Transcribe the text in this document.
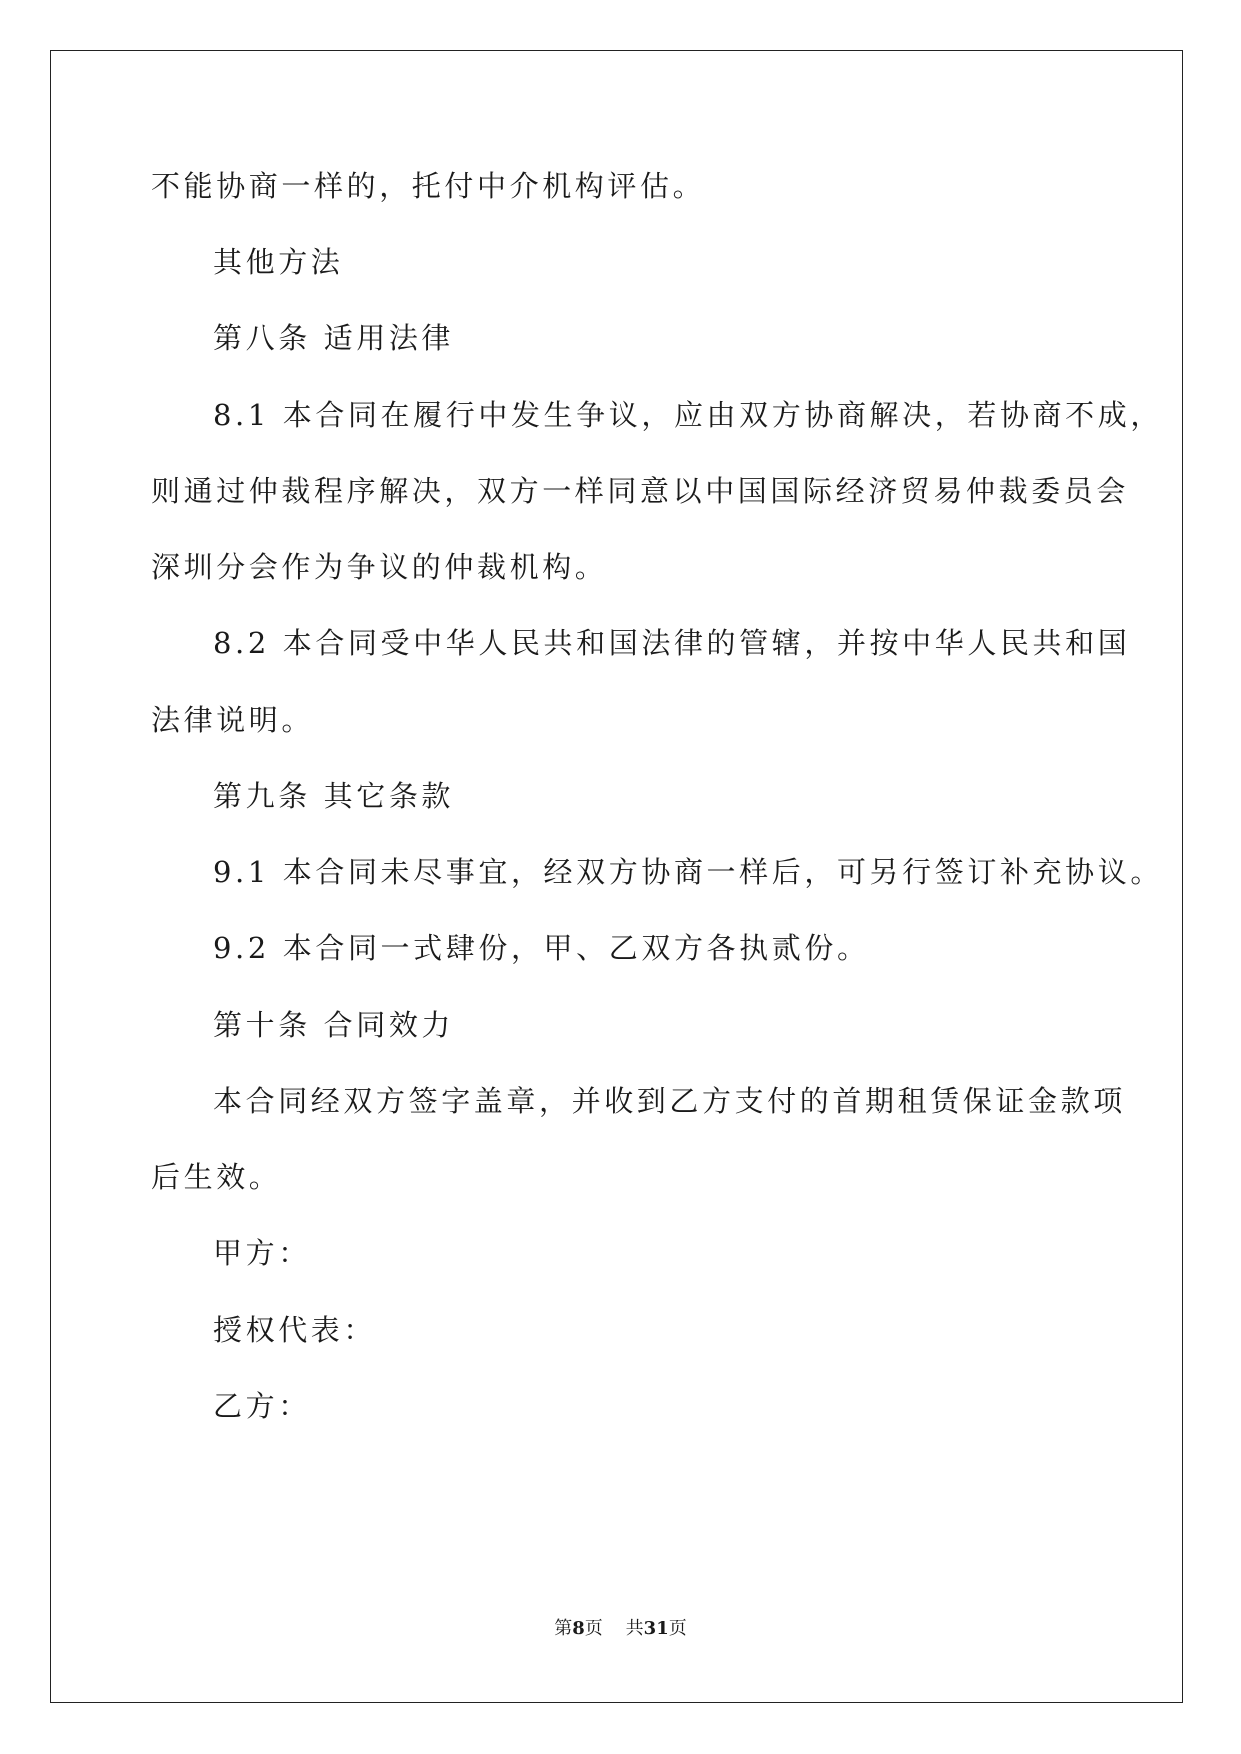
不能协商一样的，托付中介机构评估。
其他方法
第八条 适用法律
8.1 本合同在履行中发生争议，应由双方协商解决，若协商不成，
则通过仲裁程序解决，双方一样同意以中国国际经济贸易仲裁委员会
深圳分会作为争议的仲裁机构。
8.2 本合同受中华人民共和国法律的管辖，并按中华人民共和国
法律说明。
第九条 其它条款
9.1 本合同未尽事宜，经双方协商一样后，可另行签订补充协议。
9.2 本合同一式肆份，甲、乙双方各执贰份。
第十条 合同效力
本合同经双方签字盖章，并收到乙方支付的首期租赁保证金款项
后生效。
甲方：
授权代表：
乙方：
第8页 共31页
